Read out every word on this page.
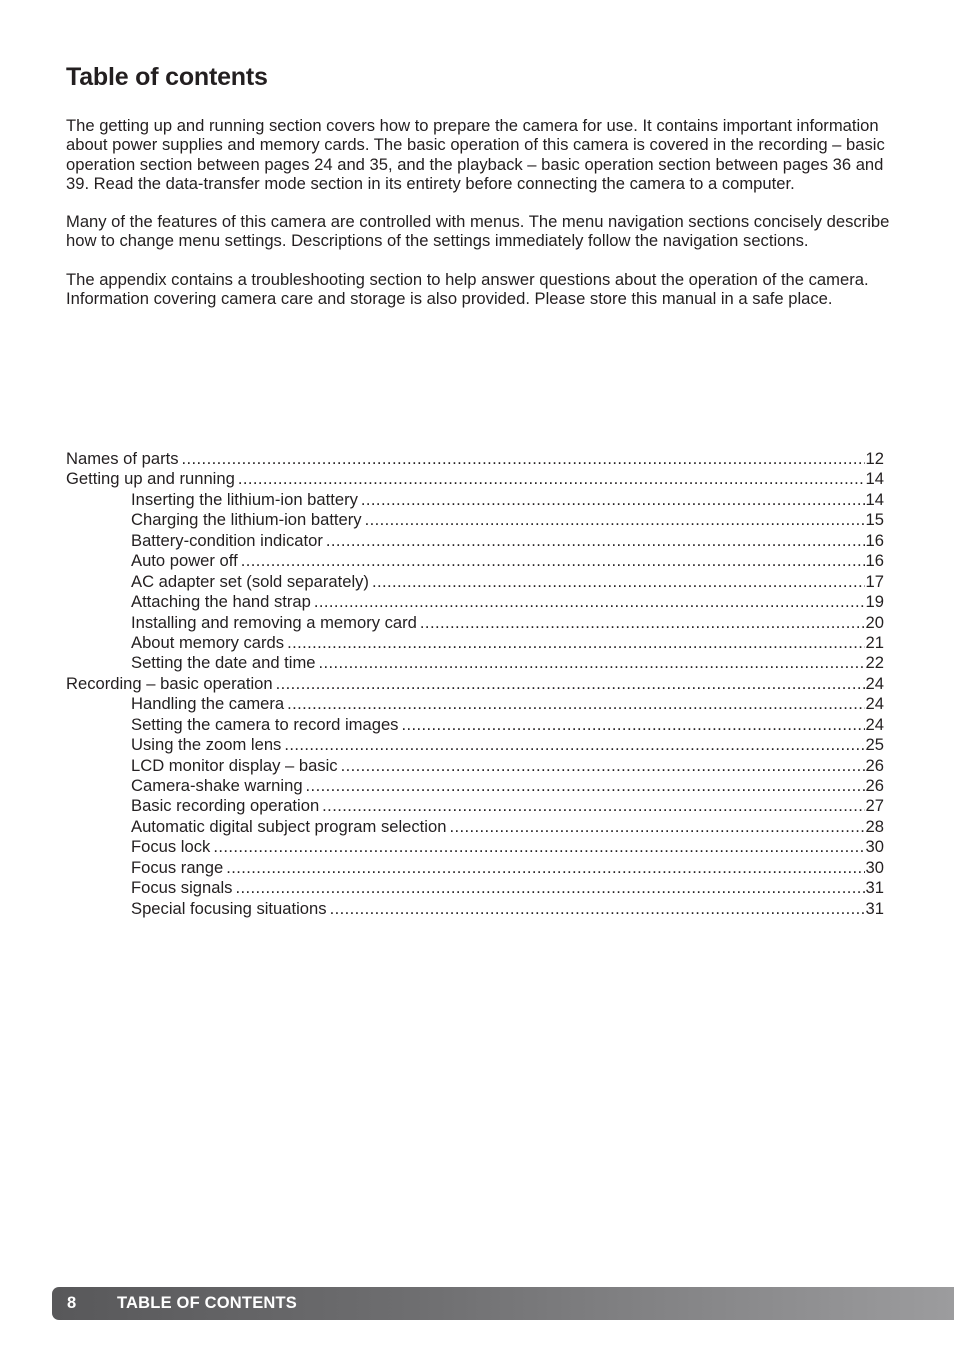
Table of contents

The getting up and running section covers how to prepare the camera for use. It contains important information about power supplies and memory cards. The basic operation of this camera is covered in the recording – basic operation section between pages 24 and 35, and the playback – basic operation section between pages 36 and 39. Read the data-transfer mode section in its entirety before connecting the camera to a computer.

Many of the features of this camera are controlled with menus. The menu navigation sections concisely describe how to change menu settings. Descriptions of the settings immediately follow the navigation sections.

The appendix contains a troubleshooting section to help answer questions about the operation of the camera. Information covering camera care and storage is also provided. Please store this manual in a safe place.

Names of parts .....	12
Getting up and running .....	14
Inserting the lithium-ion battery .....	14
Charging the lithium-ion battery .....	15
Battery-condition indicator .....	16
Auto power off .....	16
AC adapter set (sold separately) .....	17
Attaching the hand strap .....	19
Installing and removing a memory card .....	20
About memory cards .....	21
Setting the date and time .....	22
Recording – basic operation .....	24
Handling the camera .....	24
Setting the camera to record images .....	24
Using the zoom lens .....	25
LCD monitor display – basic .....	26
Camera-shake warning .....	26
Basic recording operation .....	27
Automatic digital subject program selection .....	28
Focus lock .....	30
Focus range .....	30
Focus signals .....	31
Special focusing situations .....	31
8	TABLE OF CONTENTS
